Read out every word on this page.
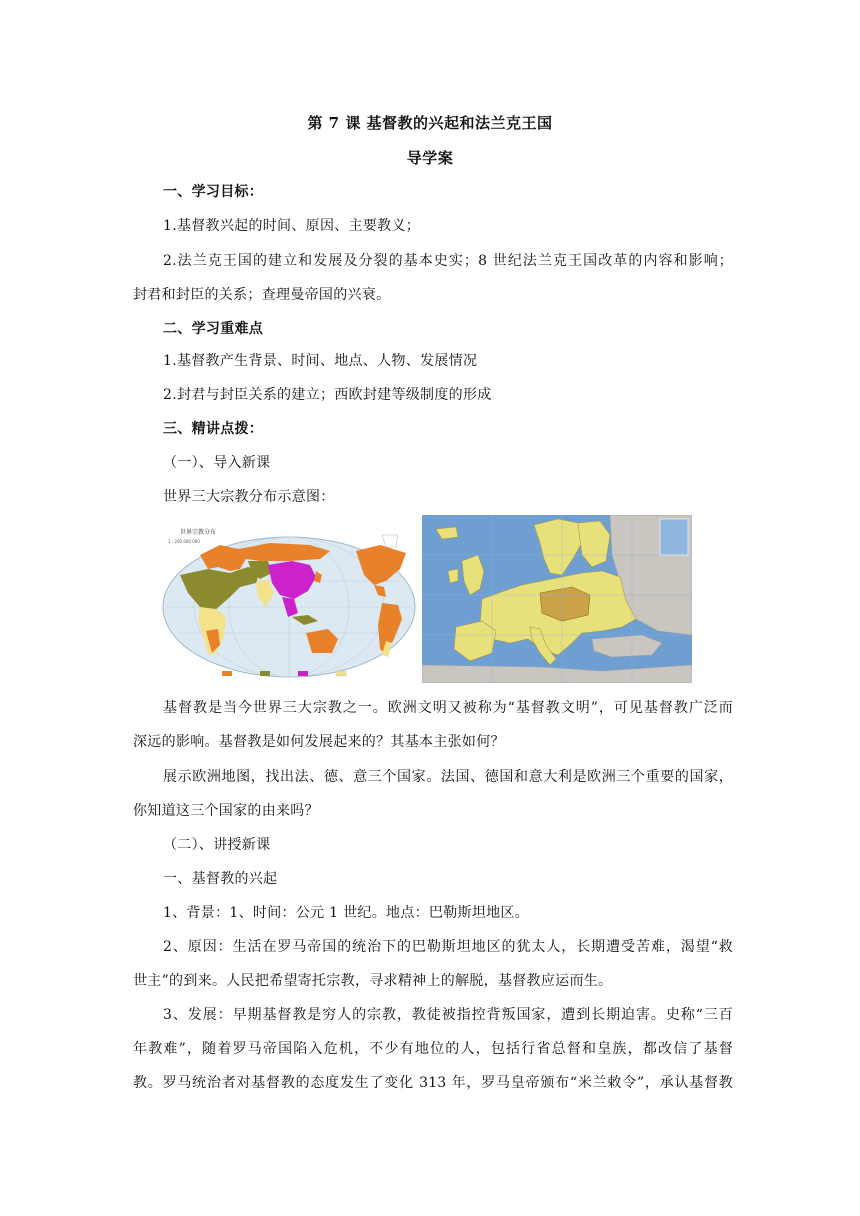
第 7 课 基督教的兴起和法兰克王国
导学案
一、学习目标：
1.基督教兴起的时间、原因、主要教义；
2.法兰克王国的建立和发展及分裂的基本史实；8 世纪法兰克王国改革的内容和影响；
封君和封臣的关系；查理曼帝国的兴衰。
二、学习重难点
1.基督教产生背景、时间、地点、人物、发展情况
2.封君与封臣关系的建立；西欧封建等级制度的形成
三、精讲点拨：
（一）、导入新课
世界三大宗教分布示意图：
世界宗教分布
1 : 200 000 000
基督教是当今世界三大宗教之一。欧洲文明又被称为“基督教文明”，可见基督教广泛而
深远的影响。基督教是如何发展起来的？其基本主张如何？
展示欧洲地图，找出法、德、意三个国家。法国、德国和意大利是欧洲三个重要的国家，
你知道这三个国家的由来吗？
（二）、讲授新课
一、基督教的兴起
1、背景：1、时间：公元 1 世纪。地点：巴勒斯坦地区。
2、原因：生活在罗马帝国的统治下的巴勒斯坦地区的犹太人，长期遭受苦难，渴望“救
世主”的到来。人民把希望寄托宗教，寻求精神上的解脱，基督教应运而生。
3、发展：早期基督教是穷人的宗教，教徒被指控背叛国家，遭到长期迫害。史称“三百
年教难”，随着罗马帝国陷入危机，不少有地位的人，包括行省总督和皇族，都改信了基督
教。罗马统治者对基督教的态度发生了变化 313 年，罗马皇帝颁布“米兰敕令”，承认基督教
